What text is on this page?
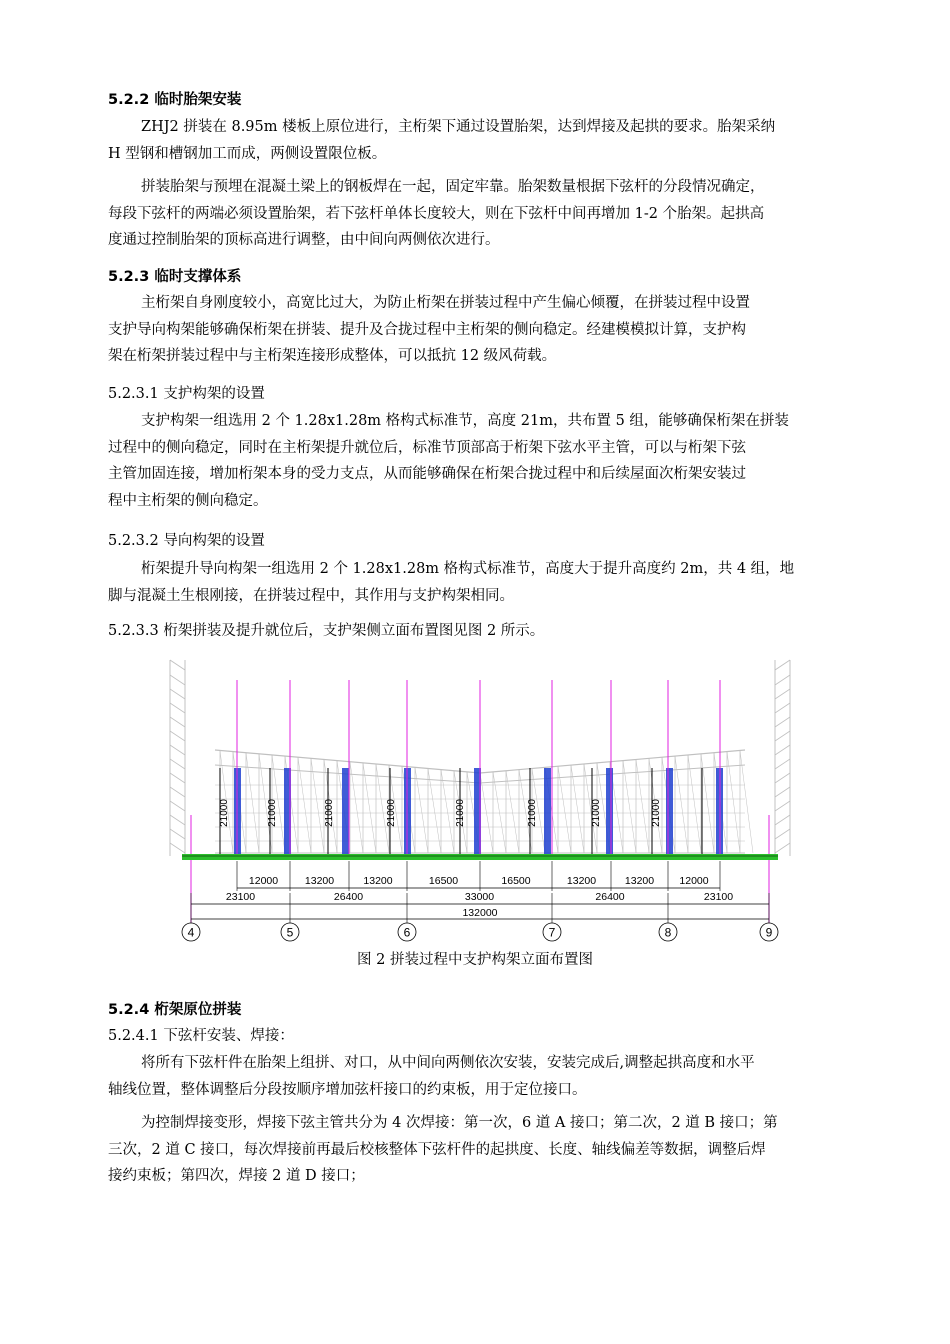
5.2.2 临时胎架安装
ZHJ2 拼装在 8.95m 楼板上原位进行，主桁架下通过设置胎架，达到焊接及起拱的要求。胎架采纳
H 型钢和槽钢加工而成，两侧设置限位板。
拼装胎架与预埋在混凝土梁上的钢板焊在一起，固定牢靠。胎架数量根据下弦杆的分段情况确定，
每段下弦杆的两端必须设置胎架，若下弦杆单体长度较大，则在下弦杆中间再增加 1-2 个胎架。起拱高
度通过控制胎架的顶标高进行调整，由中间向两侧依次进行。
5.2.3 临时支撑体系
主桁架自身刚度较小，高宽比过大，为防止桁架在拼装过程中产生偏心倾覆，在拼装过程中设置
支护导向构架能够确保桁架在拼装、提升及合拢过程中主桁架的侧向稳定。经建模模拟计算，支护构
架在桁架拼装过程中与主桁架连接形成整体，可以抵抗 12 级风荷载。
5.2.3.1 支护构架的设置
支护构架一组选用 2 个 1.28x1.28m 格构式标准节，高度 21m，共布置 5 组，能够确保桁架在拼装
过程中的侧向稳定，同时在主桁架提升就位后，标准节顶部高于桁架下弦水平主管，可以与桁架下弦
主管加固连接，增加桁架本身的受力支点，从而能够确保在桁架合拢过程中和后续屋面次桁架安装过
程中主桁架的侧向稳定。
5.2.3.2 导向构架的设置
桁架提升导向构架一组选用 2 个 1.28x1.28m 格构式标准节，高度大于提升高度约 2m，共 4 组，地
脚与混凝土生根刚接，在拼装过程中，其作用与支护构架相同。
5.2.3.3 桁架拼装及提升就位后，支护架侧立面布置图见图 2 所示。
21000	21000	21000	21000	21000	21000	21000	21000
12000	13200	13200	16500	16500	13200	13200 12000
23100	26400	33000	26400	23100
132000
4	5	6	7	8	9
图 2 拼装过程中支护构架立面布置图
5.2.4 桁架原位拼装
5.2.4.1 下弦杆安装、焊接：
将所有下弦杆件在胎架上组拼、对口，从中间向两侧依次安装，安装完成后,调整起拱高度和水平
轴线位置，整体调整后分段按顺序增加弦杆接口的约束板，用于定位接口。
为控制焊接变形，焊接下弦主管共分为 4 次焊接：第一次，6 道 A 接口；第二次，2 道 B 接口；第
三次，2 道 C 接口，每次焊接前再最后校核整体下弦杆件的起拱度、长度、轴线偏差等数据，调整后焊
接约束板；第四次，焊接 2 道 D 接口；
